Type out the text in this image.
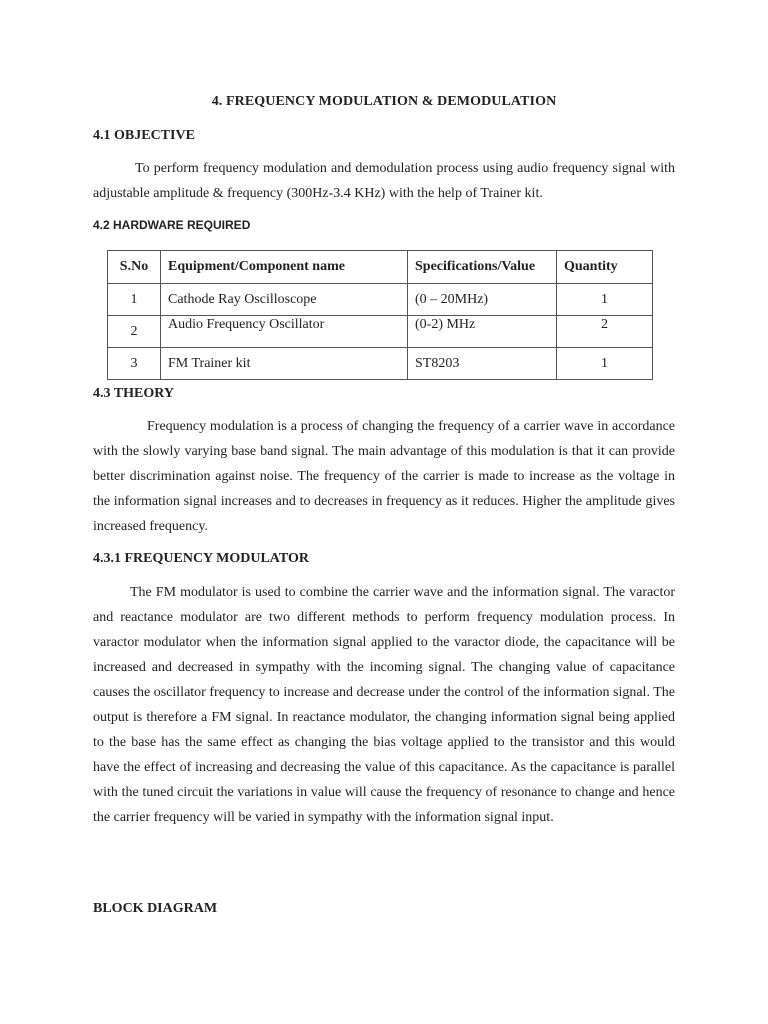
4. FREQUENCY MODULATION & DEMODULATION
4.1 OBJECTIVE

To perform frequency modulation and demodulation process using audio frequency signal with adjustable amplitude & frequency (300Hz-3.4 KHz) with the help of Trainer kit.

4.2 HARDWARE REQUIRED
S.No	Equipment/Component name	Specifications/Value	Quantity
1	Cathode Ray Oscilloscope	(0 – 20MHz)	1
2	Audio Frequency Oscillator	(0-2) MHz	2
3	FM Trainer kit	ST8203	1
4.3 THEORY

Frequency modulation is a process of changing the frequency of a carrier wave in accordance with the slowly varying base band signal. The main advantage of this modulation is that it can provide better discrimination against noise. The frequency of the carrier is made to increase as the voltage in the information signal increases and to decreases in frequency as it reduces. Higher the amplitude gives increased frequency.

4.3.1 FREQUENCY MODULATOR

The FM modulator is used to combine the carrier wave and the information signal. The varactor and reactance modulator are two different methods to perform frequency modulation process. In varactor modulator when the information signal applied to the varactor diode, the capacitance will be increased and decreased in sympathy with the incoming signal. The changing value of capacitance causes the oscillator frequency to increase and decrease under the control of the information signal. The output is therefore a FM signal. In reactance modulator, the changing information signal being applied to the base has the same effect as changing the bias voltage applied to the transistor and this would have the effect of increasing and decreasing the value of this capacitance. As the capacitance is parallel with the tuned circuit the variations in value will cause the frequency of resonance to change and hence the carrier frequency will be varied in sympathy with the information signal input.

BLOCK DIAGRAM
